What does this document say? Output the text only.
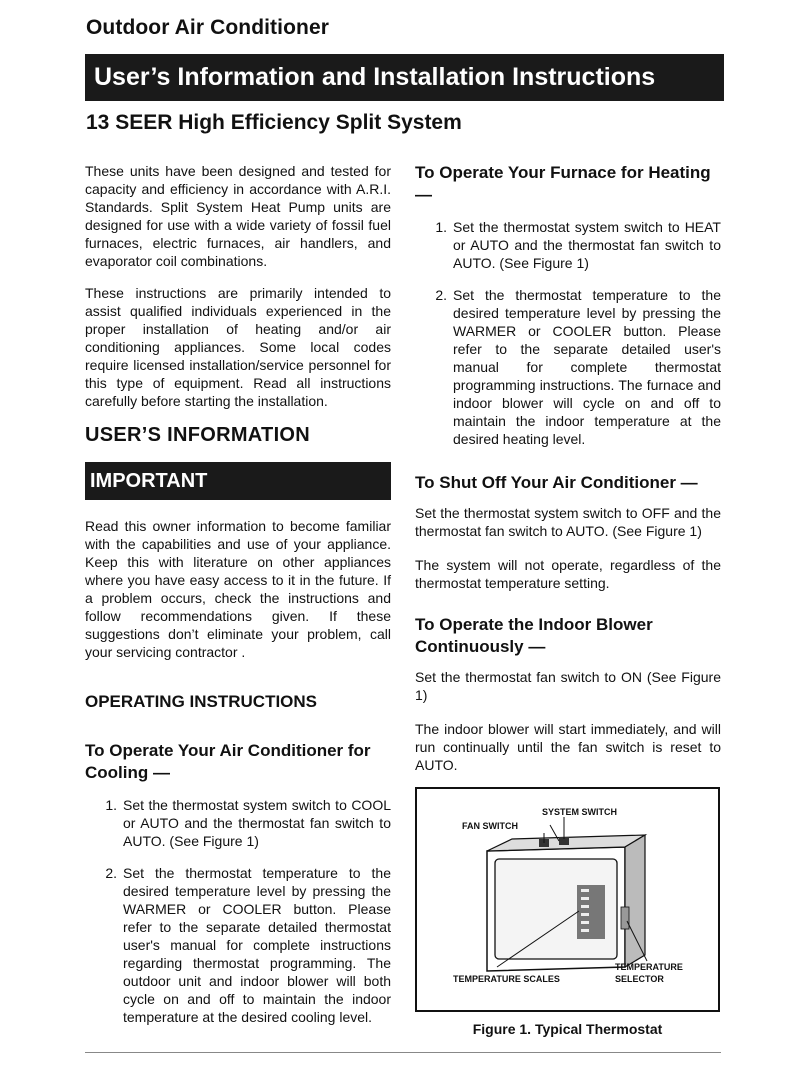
Outdoor Air Conditioner
User’s Information and Installation Instructions
13 SEER High Efficiency Split System

These units have been designed and tested for capacity and efficiency in accordance with A.R.I. Standards. Split System Heat Pump units are designed for use with a wide variety of fossil fuel furnaces, electric furnaces, air handlers, and evaporator coil combinations.

These instructions are primarily intended to assist qualified individuals experienced in the proper installation of heating and/or air conditioning appliances. Some local codes require licensed installation/service personnel for this type of equipment. Read all instructions carefully before starting the installation.

USER’S INFORMATION
IMPORTANT

Read this owner information to become familiar with the capabilities and use of your appliance. Keep this with literature on other appliances where you have easy access to it in the future. If a problem occurs, check the instructions and follow recommendations given. If these suggestions don’t eliminate your problem, call your servicing contractor .

OPERATING INSTRUCTIONS
To Operate Your Air Conditioner for Cooling —
1. Set the thermostat system switch to COOL or AUTO and the thermostat fan switch to AUTO. (See Figure 1)
2. Set the thermostat temperature to the desired temperature level by pressing the WARMER or COOLER button. Please refer to the separate detailed thermostat user's manual for complete instructions regarding thermostat programming. The outdoor unit and indoor blower will both cycle on and off to maintain the indoor temperature at the desired cooling level.
To Operate Your Furnace for Heating —
1. Set the thermostat system switch to HEAT or AUTO and the thermostat fan switch to AUTO. (See Figure 1)
2. Set the thermostat temperature to the desired temperature level by pressing the WARMER or COOLER button. Please refer to the separate detailed user's manual for complete thermostat programming instructions. The furnace and indoor blower will cycle on and off to maintain the indoor temperature at the desired heating level.
To Shut Off Your Air Conditioner —

Set the thermostat system switch to OFF and the thermostat fan switch to AUTO. (See Figure 1)

The system will not operate, regardless of the thermostat temperature setting.

To Operate the Indoor Blower Continuously —

Set the thermostat fan switch to ON (See Figure 1)

The indoor blower will start immediately, and will run continually until the fan switch is reset to AUTO.

SYSTEM SWITCH
FAN SWITCH
TEMPERATURE SCALES
TEMPERATURE
SELECTOR
Figure 1. Typical Thermostat
